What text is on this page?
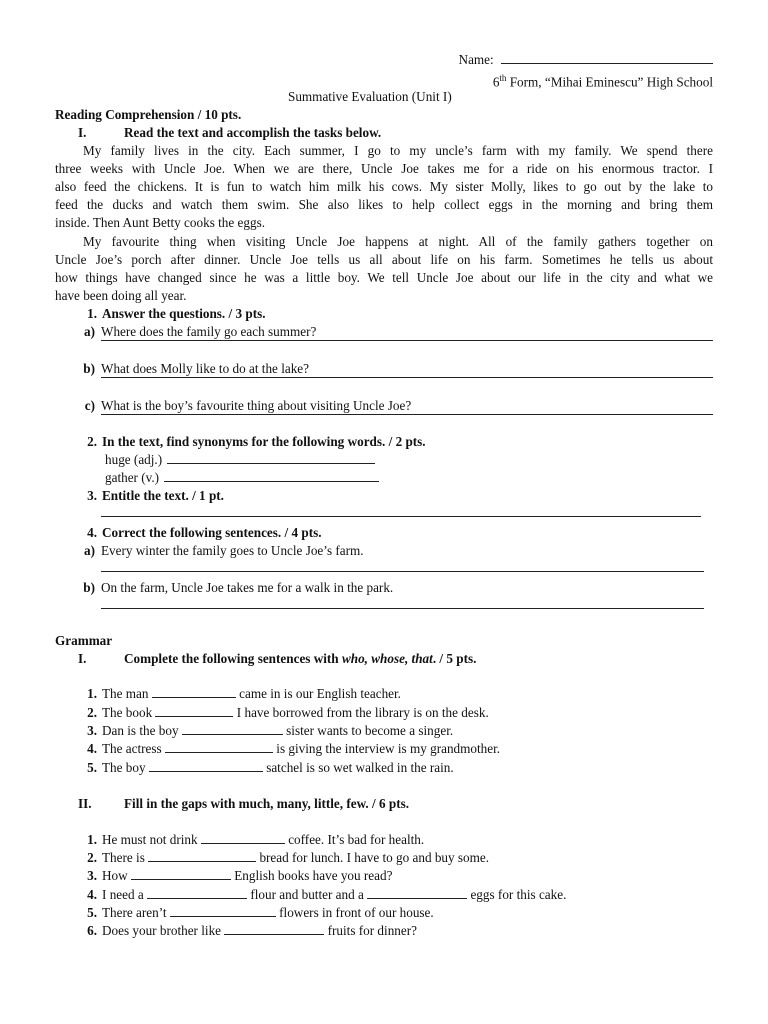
Name:
6th Form, “Mihai Eminescu” High School
Summative Evaluation (Unit I)
Reading Comprehension / 10 pts.
I.	Read the text and accomplish the tasks below.
My family lives in the city. Each summer, I go to my uncle’s farm with my family. We spend there
three weeks with Uncle Joe. When we are there, Uncle Joe takes me for a ride on his enormous tractor. I
also feed the chickens. It is fun to watch him milk his cows. My sister Molly, likes to go out by the lake to
feed the ducks and watch them swim. She also likes to help collect eggs in the morning and bring them
inside. Then Aunt Betty cooks the eggs.
My favourite thing when visiting Uncle Joe happens at night. All of the family gathers together on
Uncle Joe’s porch after dinner. Uncle Joe tells us all about life on his farm. Sometimes he tells us about
how things have changed since he was a little boy. We tell Uncle Joe about our life in the city and what we
have been doing all year.
1. Answer the questions. / 3 pts.
a) Where does the family go each summer?
b) What does Molly like to do at the lake?
c) What is the boy’s favourite thing about visiting Uncle Joe?
2. In the text, find synonyms for the following words. / 2 pts.
huge (adj.)
gather (v.)
3. Entitle the text. / 1 pt.
4. Correct the following sentences. / 4 pts.
a) Every winter the family goes to Uncle Joe’s farm.
b) On the farm, Uncle Joe takes me for a walk in the park.
Grammar
I.	Complete the following sentences with who, whose, that. / 5 pts.
1. The man	came in is our English teacher.
2. The book	I have borrowed from the library is on the desk.
3. Dan is the boy	sister wants to become a singer.
4. The actress	is giving the interview is my grandmother.
5. The boy	satchel is so wet walked in the rain.
II. Fill in the gaps with much, many, little, few. / 6 pts.
1. He must not drink	coffee. It’s bad for health.
2. There is	bread for lunch. I have to go and buy some.
3. How	English books have you read?
4. I need a	flour and butter and a	eggs for this cake.
5. There aren’t	flowers in front of our house.
6. Does your brother like	fruits for dinner?
